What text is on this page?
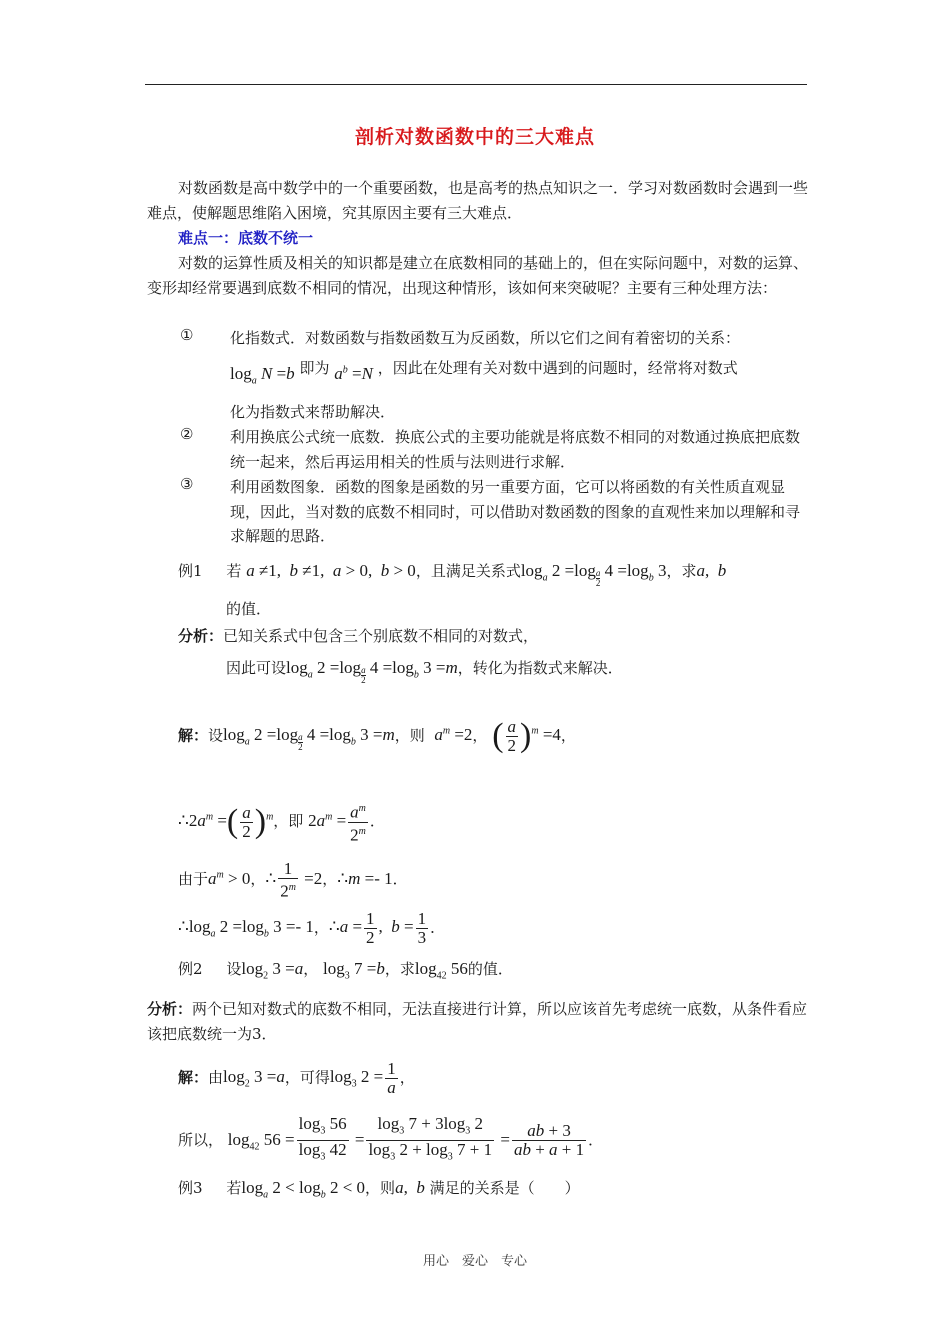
剖析对数函数中的三大难点
对数函数是高中数学中的一个重要函数，也是高考的热点知识之一．学习对数函数时会遇到一些难点，使解题思维陷入困境，究其原因主要有三大难点．
难点一：底数不统一
对数的运算性质及相关的知识都是建立在底数相同的基础上的，但在实际问题中，对数的运算、变形却经常要遇到底数不相同的情况，出现这种情形，该如何来突破呢？主要有三种处理方法：
① 化指数式．对数函数与指数函数互为反函数，所以它们之间有着密切的关系：
$\log_a N =b$ 即为 $a^b =N$ ，因此在处理有关对数中遇到的问题时，经常将对数式
化为指数式来帮助解决．
② 利用换底公式统一底数．换底公式的主要功能就是将底数不相同的对数通过换底把底数统一起来，然后再运用相关的性质与法则进行求解．
③ 利用函数图象．函数的图象是函数的另一重要方面，它可以将函数的有关性质直观显现，因此，当对数的底数不相同时，可以借助对数函数的图象的直观性来加以理解和寻求解题的思路．
例1 若 a ≠1,  b ≠1,  a > 0,  b > 0，且满足关系式$\log_a 2 =\log \frac{a}{2} 4 =\log_b$ 3，求a,  b
的值．
分析：已知关系式中包含三个别底数不相同的对数式，
因此可设$\log_a 2 =\log \frac{a}{2} 4 =\log_b$ 3 =m，转化为指数式来解决．
解：设$\log_a 2 =\log \frac{a}{2} 4 =\log_b$ 3 =m，则 $a^m =2$， ( $\frac{a}{2} )^m =4$，
$\therefore 2a^m$ =( $\frac{a}{2} )^m$，即 $2a^m = \frac{a^m}{2^m}$ ．
由于$a^m > 0$，∴ $\frac{1}{2^m} =2$，∴m =- 1．
$\therefore\log_a$ $2 =\log_b$ 3 =- 1，∴a = $\frac{1}{2}$ ,  $b = \frac{1}{3}$ ．
例2 设$\log_2 3 =a$， $\log_3 7 =b$，求$\log_{42} 56$的值．
分析：两个已知对数式的底数不相同，无法直接进行计算，所以应该首先考虑统一底数，从条件看应该把底数统一为3．
解：由$\log_2 3 =a$，可得$\log_3 2 = \frac{1}{a}$ ，
所以， $\log_{42} 56 = \frac{\log_3 56}{\log_3 42} = \frac{\log_3 7 + 3\log_3 2}{\log_3 2 + \log_3 7 + 1} = \frac{ab + 3}{ab + a + 1}$ ．
例3 若$\log_a 2 < \log_b 2 < 0$，则a,  b 满足的关系是（　　）
用心　爱心　专心
